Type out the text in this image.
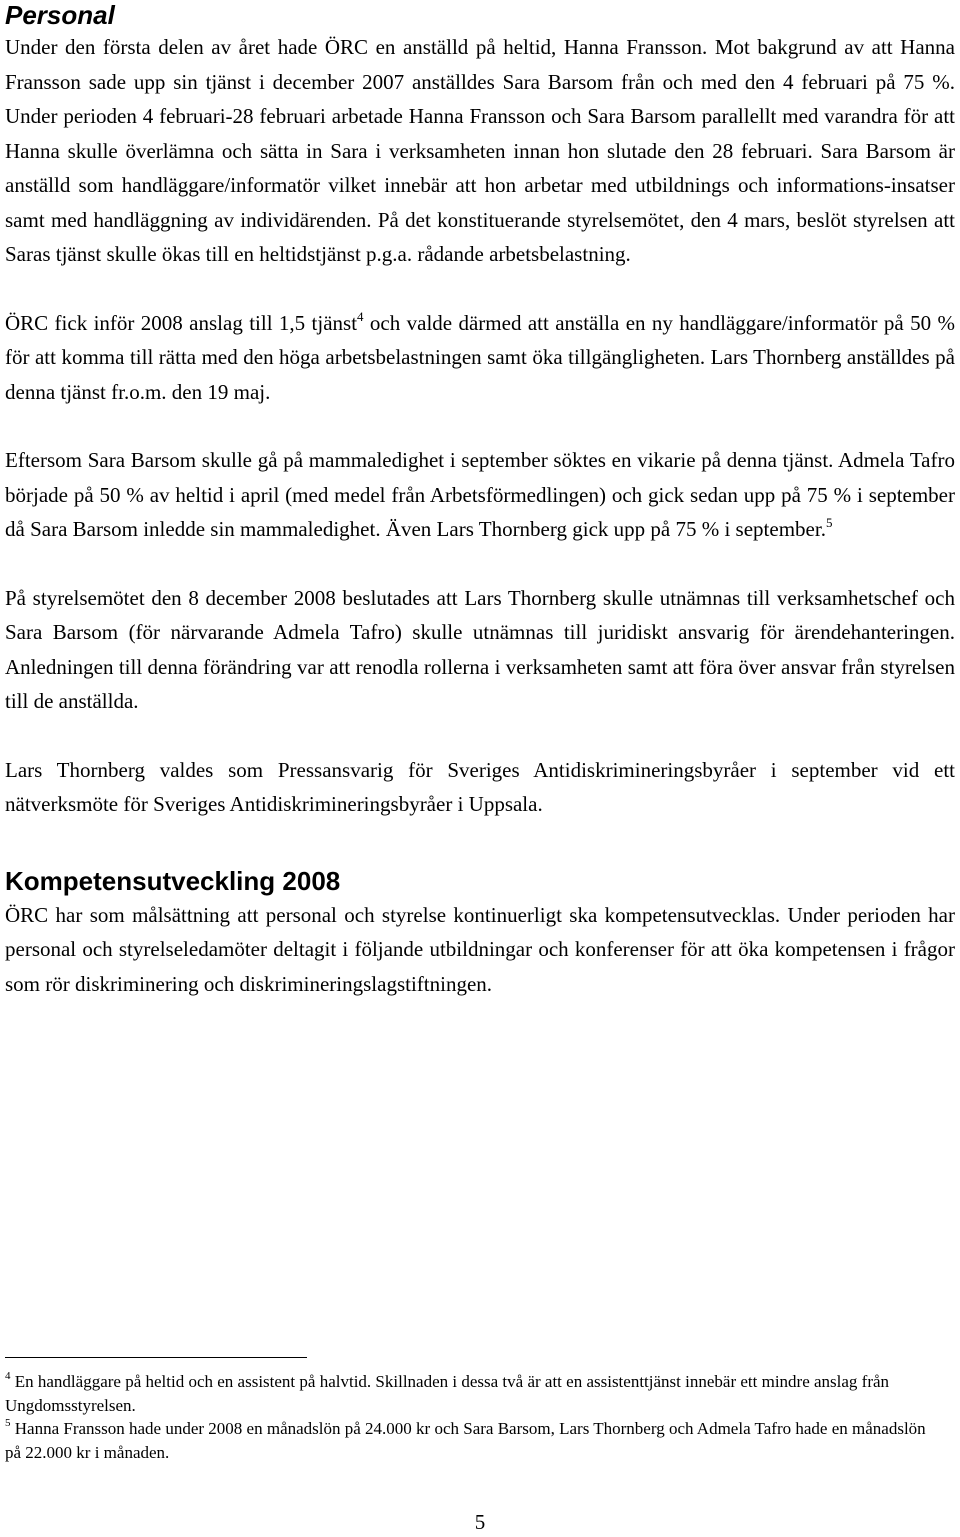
Personal

Under den första delen av året hade ÖRC en anställd på heltid, Hanna Fransson. Mot bakgrund av att Hanna Fransson sade upp sin tjänst i december 2007 anställdes Sara Barsom från och med den 4 februari på 75 %. Under perioden 4 februari-28 februari arbetade Hanna Fransson och Sara Barsom parallellt med varandra för att Hanna skulle överlämna och sätta in Sara i verksamheten innan hon slutade den 28 februari. Sara Barsom är anställd som handläggare/informatör vilket innebär att hon arbetar med utbildnings och informations-insatser samt med handläggning av individärenden. På det konstituerande styrelsemötet, den 4 mars, beslöt styrelsen att Saras tjänst skulle ökas till en heltidstjänst p.g.a. rådande arbetsbelastning.

ÖRC fick inför 2008 anslag till 1,5 tjänst$^4$ och valde därmed att anställa en ny handläggare/informatör på 50 % för att komma till rätta med den höga arbetsbelastningen samt öka tillgängligheten. Lars Thornberg anställdes på denna tjänst fr.o.m. den 19 maj.

Eftersom Sara Barsom skulle gå på mammaledighet i september söktes en vikarie på denna tjänst. Admela Tafro började på 50 % av heltid i april (med medel från Arbetsförmedlingen) och gick sedan upp på 75 % i september då Sara Barsom inledde sin mammaledighet. Även Lars Thornberg gick upp på 75 % i september.$^5$

På styrelsemötet den 8 december 2008 beslutades att Lars Thornberg skulle utnämnas till verksamhetschef och Sara Barsom (för närvarande Admela Tafro) skulle utnämnas till juridiskt ansvarig för ärendehanteringen. Anledningen till denna förändring var att renodla rollerna i verksamheten samt att föra över ansvar från styrelsen till de anställda.

Lars Thornberg valdes som Pressansvarig för Sveriges Antidiskrimineringsbyråer i september vid ett nätverksmöte för Sveriges Antidiskrimineringsbyråer i Uppsala.

Kompetensutveckling 2008

ÖRC har som målsättning att personal och styrelse kontinuerligt ska kompetensutvecklas. Under perioden har personal och styrelseledamöter deltagit i följande utbildningar och konferenser för att öka kompetensen i frågor som rör diskriminering och diskrimineringslagstiftningen.

$^4$ En handläggare på heltid och en assistent på halvtid. Skillnaden i dessa två är att en assistenttjänst innebär ett mindre anslag från Ungdomsstyrelsen.

$^5$ Hanna Fransson hade under 2008 en månadslön på 24.000 kr och Sara Barsom, Lars Thornberg och Admela Tafro hade en månadslön på 22.000 kr i månaden.

5
